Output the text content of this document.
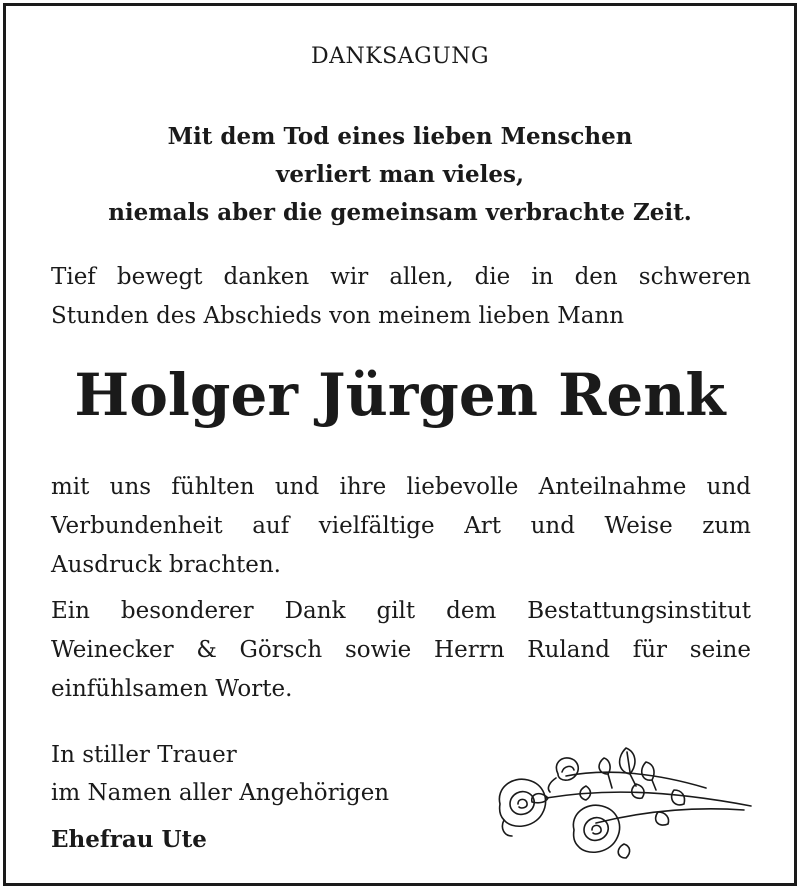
DANKSAGUNG
Mit dem Tod eines lieben Menschen
verliert man vieles,
niemals aber die gemeinsam verbrachte Zeit.
Tief bewegt danken wir allen, die in den schweren
Stunden des Abschieds von meinem lieben Mann
Holger Jürgen Renk
mit uns fühlten und ihre liebevolle Anteilnahme und
Verbundenheit auf vielfältige Art und Weise zum
Ausdruck brachten.
Ein besonderer Dank gilt dem Bestattungsinstitut
Weinecker & Görsch sowie Herrn Ruland für seine
einfühlsamen Worte.
In stiller Trauer
im Namen aller Angehörigen
Ehefrau Ute
